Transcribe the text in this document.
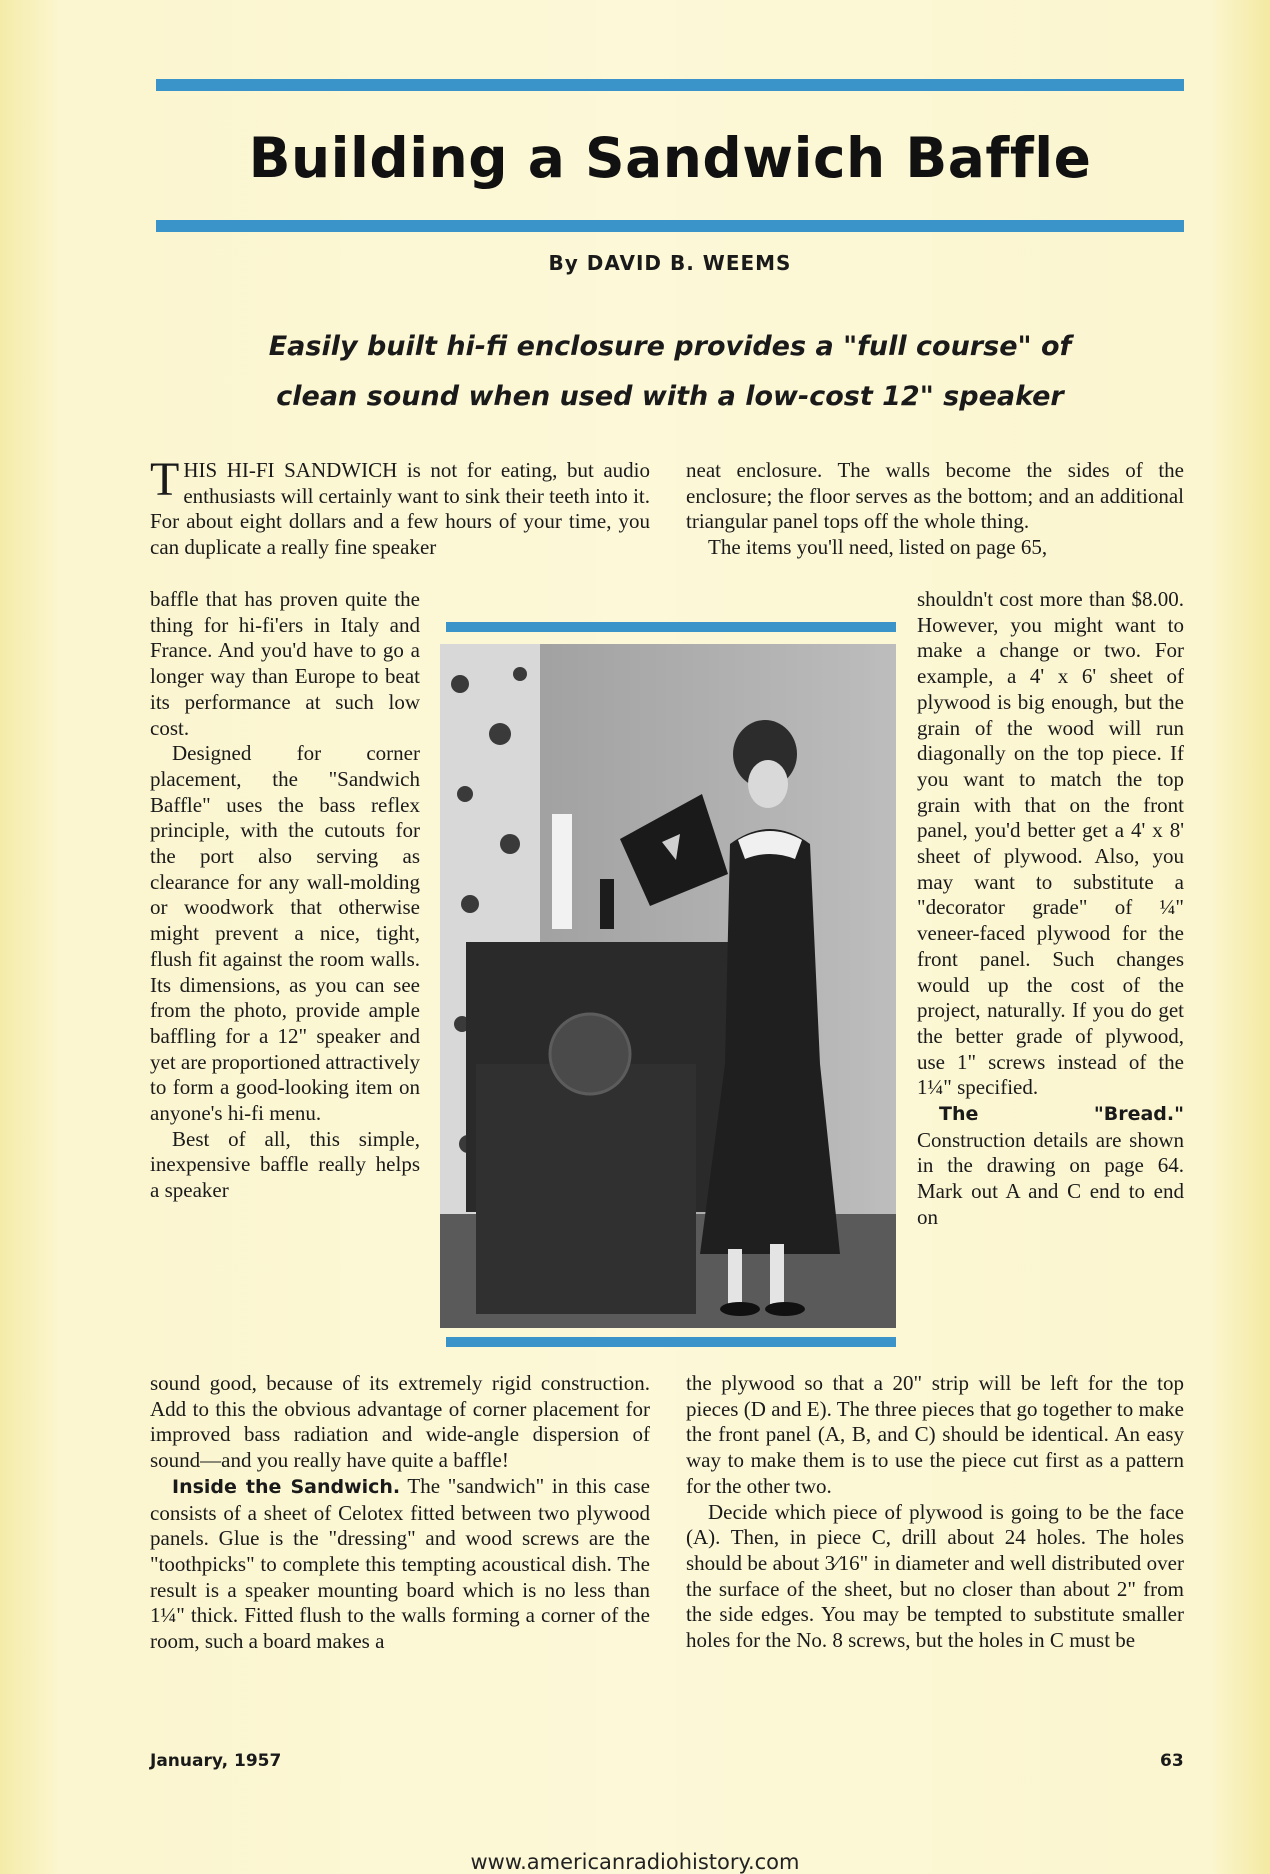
Building a Sandwich Baffle
By DAVID B. WEEMS
Easily built hi-fi enclosure provides a "full course" of
clean sound when used with a low-cost 12" speaker

THIS HI-FI SANDWICH is not for eating, but audio enthusiasts will certainly want to sink their teeth into it. For about eight dollars and a few hours of your time, you can duplicate a really fine speaker

baffle that has proven quite the thing for hi-fi'ers in Italy and France. And you'd have to go a longer way than Europe to beat its performance at such low cost.

Designed for corner placement, the "Sandwich Baffle" uses the bass reflex principle, with the cutouts for the port also serving as clearance for any wall-molding or woodwork that otherwise might prevent a nice, tight, flush fit against the room walls. Its dimensions, as you can see from the photo, provide ample baffling for a 12" speaker and yet are proportioned attractively to form a good-looking item on anyone's hi-fi menu.

Best of all, this simple, inexpensive baffle really helps a speaker

sound good, because of its extremely rigid construction. Add to this the obvious advantage of corner placement for improved bass radiation and wide-angle dispersion of sound—and you really have quite a baffle!

Inside the Sandwich. The "sandwich" in this case consists of a sheet of Celotex fitted between two plywood panels. Glue is the "dressing" and wood screws are the "toothpicks" to complete this tempting acoustical dish. The result is a speaker mounting board which is no less than 1¼" thick. Fitted flush to the walls forming a corner of the room, such a board makes a

neat enclosure. The walls become the sides of the enclosure; the floor serves as the bottom; and an additional triangular panel tops off the whole thing.

The items you'll need, listed on page 65,

shouldn't cost more than $8.00. However, you might want to make a change or two. For example, a 4' x 6' sheet of plywood is big enough, but the grain of the wood will run diagonally on the top piece. If you want to match the top grain with that on the front panel, you'd better get a 4' x 8' sheet of plywood. Also, you may want to substitute a "decorator grade" of ¼" veneer-faced plywood for the front panel. Such changes would up the cost of the project, naturally. If you do get the better grade of plywood, use 1" screws instead of the 1¼" specified.

The "Bread." Construction details are shown in the drawing on page 64. Mark out A and C end to end on

the plywood so that a 20" strip will be left for the top pieces (D and E). The three pieces that go together to make the front panel (A, B, and C) should be identical. An easy way to make them is to use the piece cut first as a pattern for the other two.

Decide which piece of plywood is going to be the face (A). Then, in piece C, drill about 24 holes. The holes should be about 3⁄16" in diameter and well distributed over the surface of the sheet, but no closer than about 2" from the side edges. You may be tempted to substitute smaller holes for the No. 8 screws, but the holes in C must be

January, 1957	63
www.americanradiohistory.com
